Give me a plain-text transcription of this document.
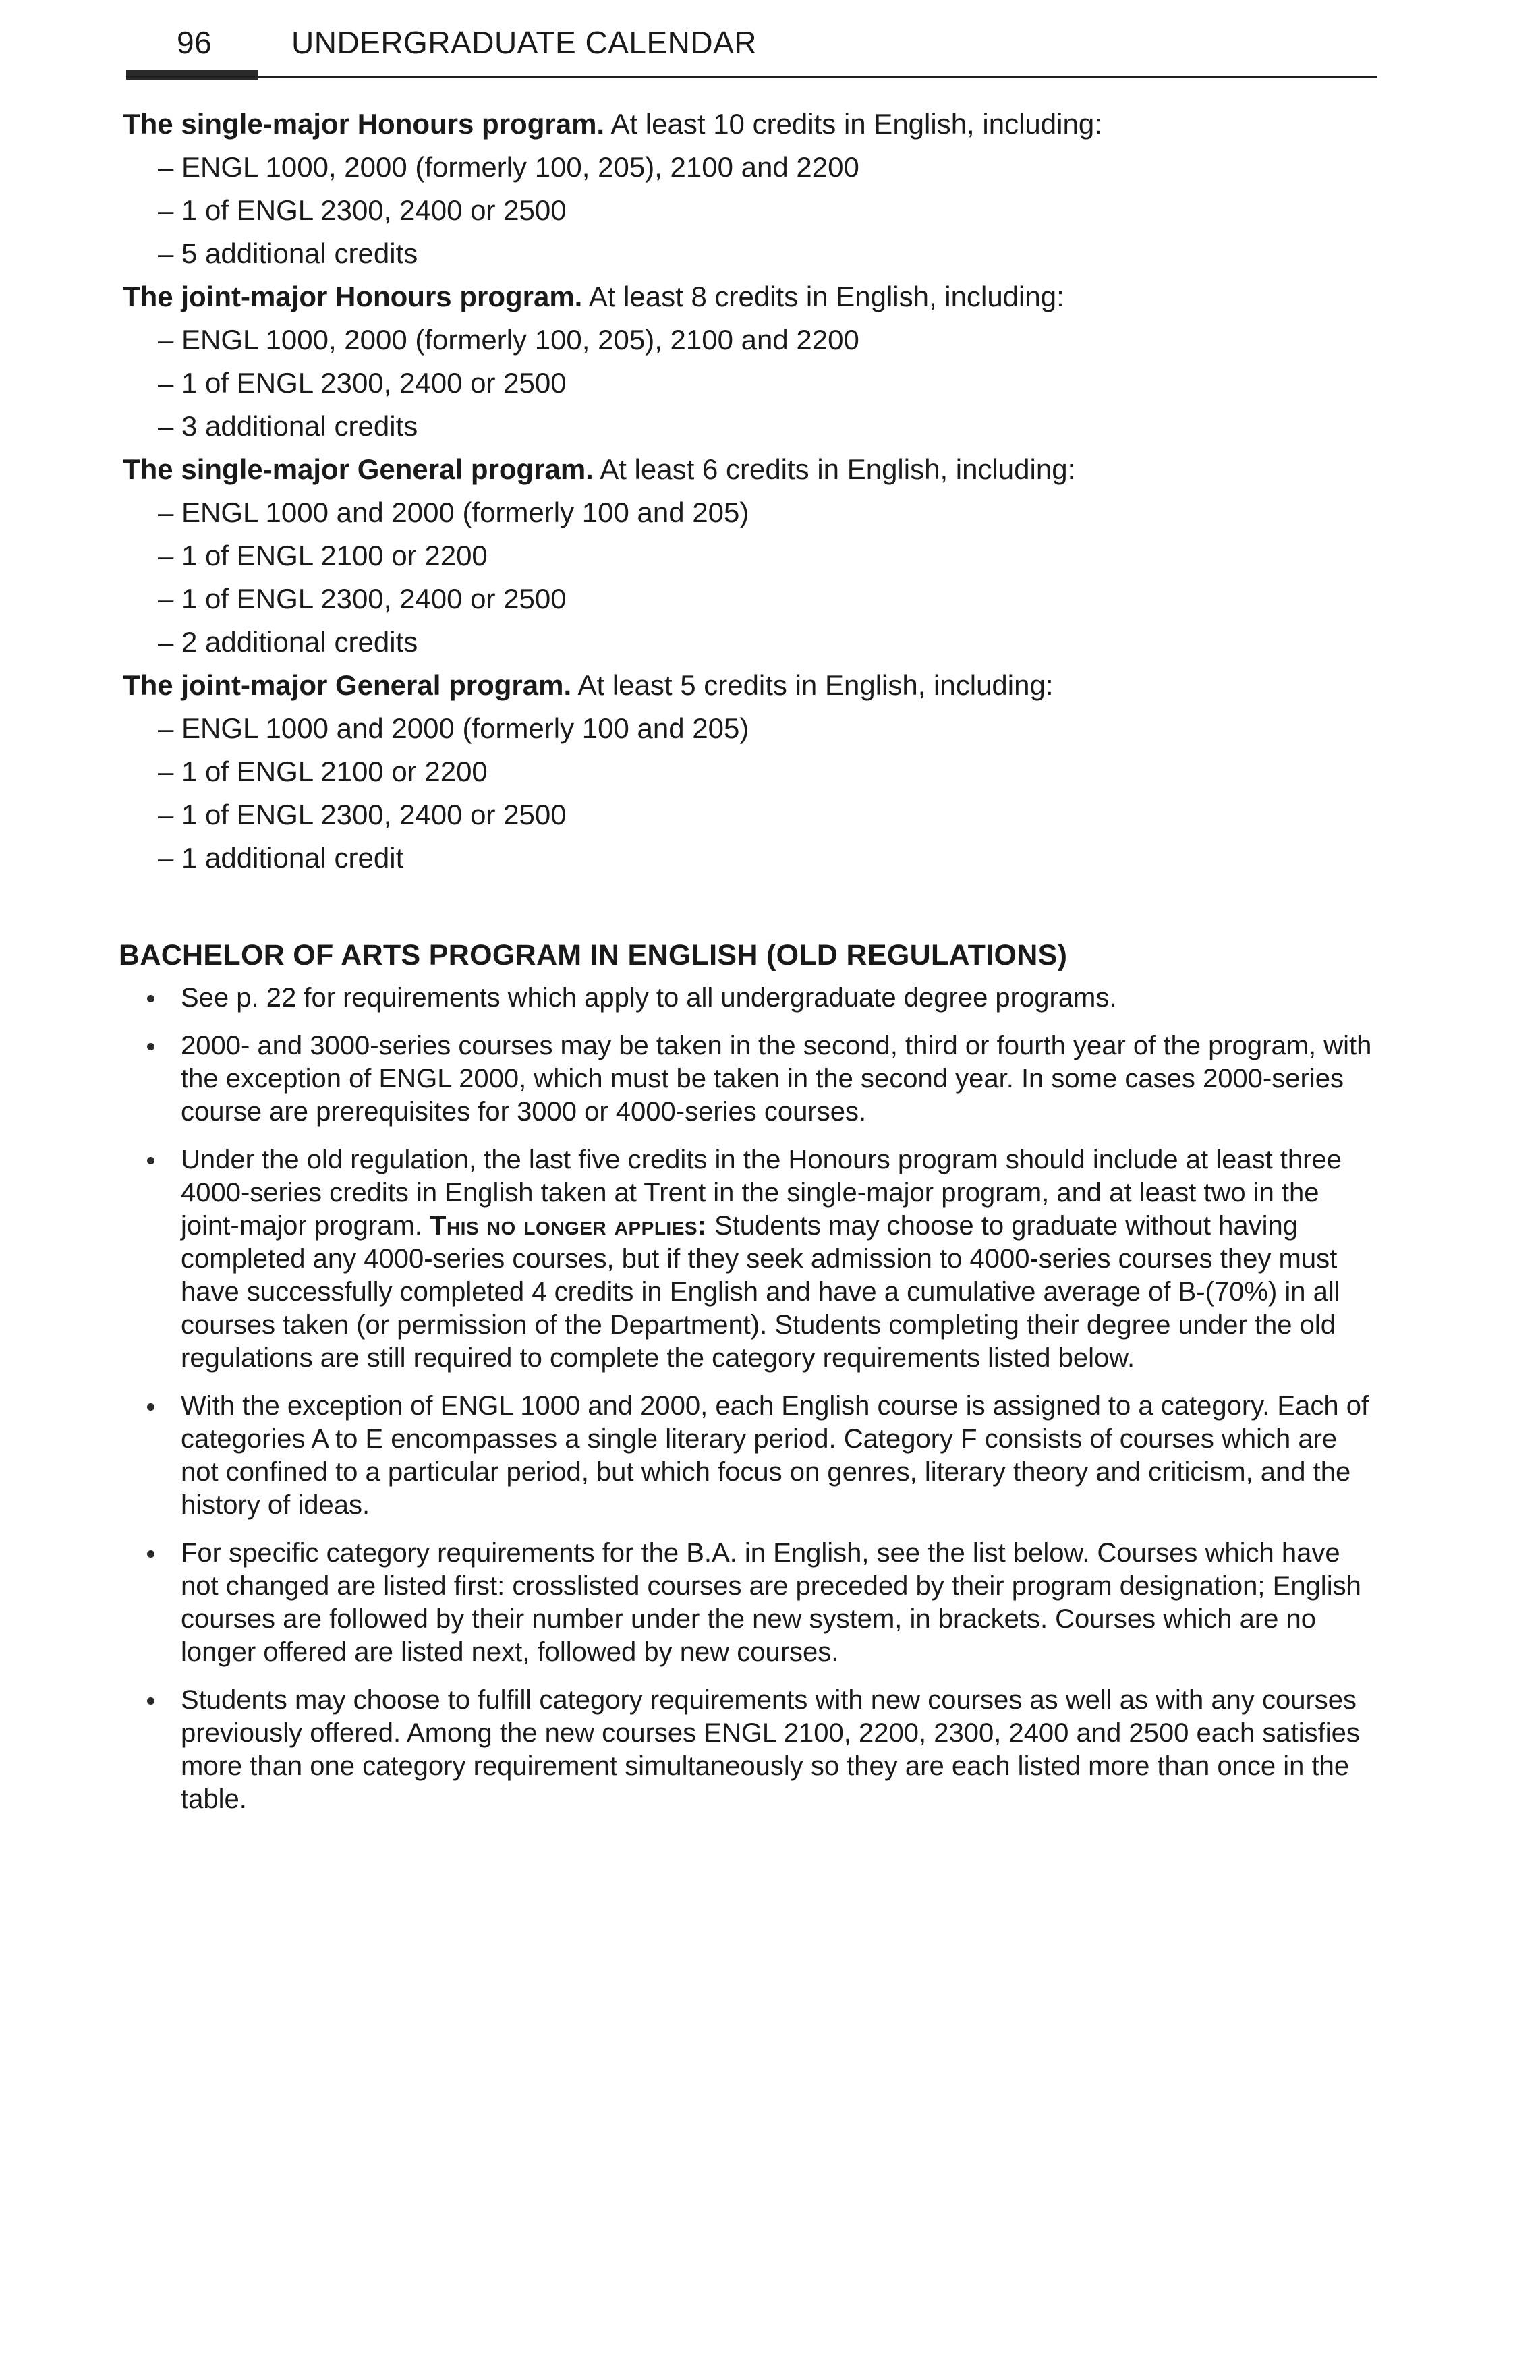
96	UNDERGRADUATE CALENDAR
The single-major Honours program. At least 10 credits in English, including:
– ENGL 1000, 2000 (formerly 100, 205), 2100 and 2200
– 1 of ENGL 2300, 2400 or 2500
– 5 additional credits
The joint-major Honours program. At least 8 credits in English, including:
– ENGL 1000, 2000 (formerly 100, 205), 2100 and 2200
– 1 of ENGL 2300, 2400 or 2500
– 3 additional credits
The single-major General program. At least 6 credits in English, including:
– ENGL 1000 and 2000 (formerly 100 and 205)
– 1 of ENGL 2100 or 2200
– 1 of ENGL 2300, 2400 or 2500
– 2 additional credits
The joint-major General program. At least 5 credits in English, including:
– ENGL 1000 and 2000 (formerly 100 and 205)
– 1 of ENGL 2100 or 2200
– 1 of ENGL 2300, 2400 or 2500
– 1 additional credit
BACHELOR OF ARTS PROGRAM IN ENGLISH (OLD REGULATIONS)
See p. 22 for requirements which apply to all undergraduate degree programs.
2000- and 3000-series courses may be taken in the second, third or fourth year of the program, with the exception of ENGL 2000, which must be taken in the second year. In some cases 2000-series course are prerequisites for 3000 or 4000-series courses.
Under the old regulation, the last five credits in the Honours program should include at least three 4000-series credits in English taken at Trent in the single-major program, and at least two in the joint-major program. This no longer applies: Students may choose to graduate without having completed any 4000-series courses, but if they seek admission to 4000-series courses they must have successfully completed 4 credits in English and have a cumulative average of B-(70%) in all courses taken (or permission of the Department). Students completing their degree under the old regulations are still required to complete the category requirements listed below.
With the exception of ENGL 1000 and 2000, each English course is assigned to a category. Each of categories A to E encompasses a single literary period. Category F consists of courses which are not confined to a particular period, but which focus on genres, literary theory and criticism, and the history of ideas.
For specific category requirements for the B.A. in English, see the list below. Courses which have not changed are listed first: crosslisted courses are preceded by their program designation; English courses are followed by their number under the new system, in brackets. Courses which are no longer offered are listed next, followed by new courses.
Students may choose to fulfill category requirements with new courses as well as with any courses previously offered. Among the new courses ENGL 2100, 2200, 2300, 2400 and 2500 each satisfies more than one category requirement simultaneously so they are each listed more than once in the table.
